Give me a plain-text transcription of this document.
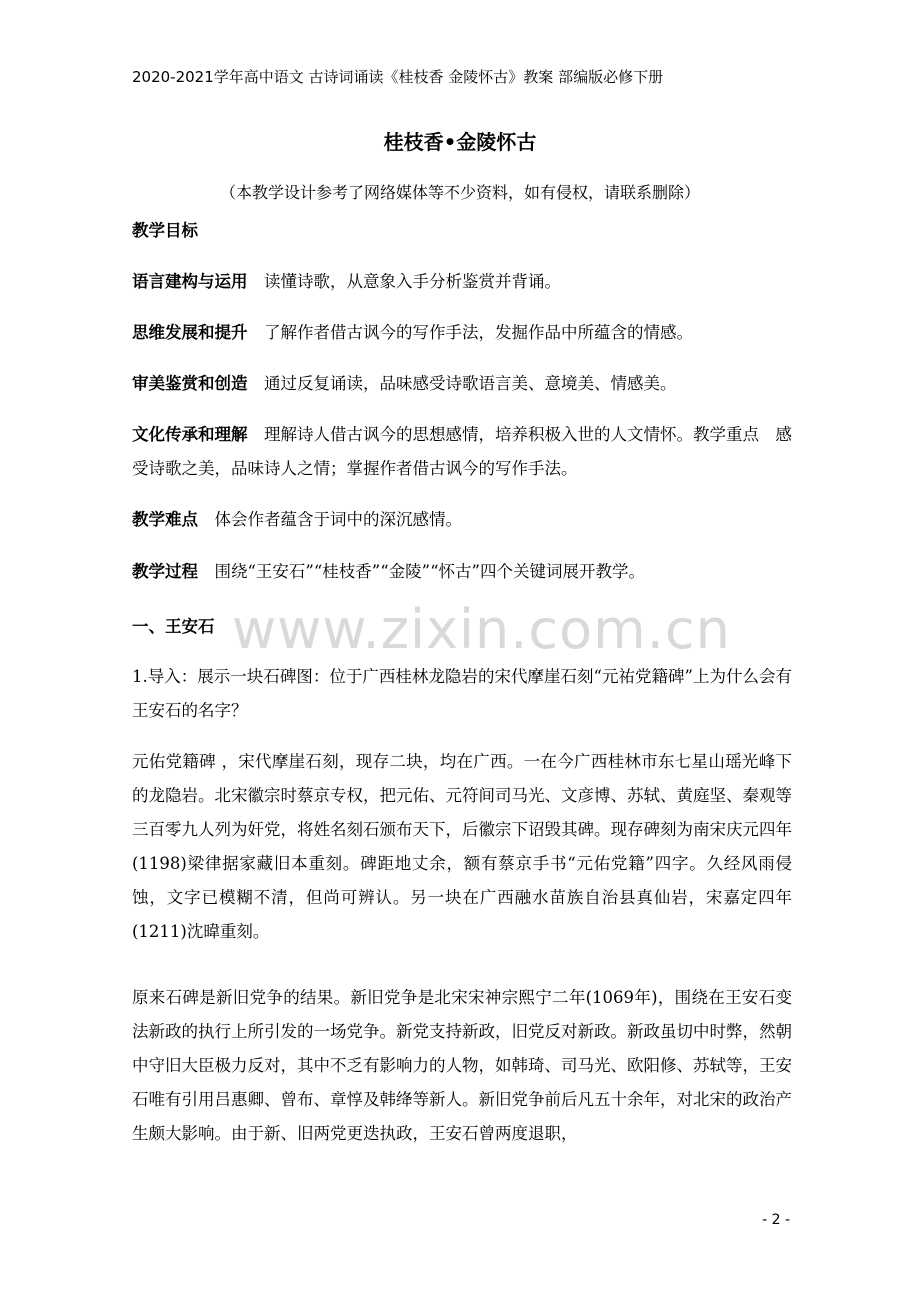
2020-2021学年高中语文 古诗词诵读《桂枝香 金陵怀古》教案 部编版必修下册
桂枝香•金陵怀古
（本教学设计参考了网络媒体等不少资料，如有侵权，请联系删除）
教学目标
语言建构与运用　 读懂诗歌，从意象入手分析鉴赏并背诵。
思维发展和提升　 了解作者借古讽今的写作手法，发掘作品中所蕴含的情感。
审美鉴赏和创造　 通过反复诵读，品味感受诗歌语言美、意境美、情感美。
文化传承和理解　 理解诗人借古讽今的思想感情，培养积极入世的人文情怀。教学重点　感受诗歌之美，品味诗人之情；掌握作者借古讽今的写作手法。
教学难点　 体会作者蕴含于词中的深沉感情。
教学过程　 围绕“王安石”“桂枝香”“金陵”“怀古”四个关键词展开教学。
www.zixin.com.cn
一、王安石
1.导入：展示一块石碑图：位于广西桂林龙隐岩的宋代摩崖石刻“元祐党籍碑”上为什么会有王安石的名字？
元佑党籍碑 ，宋代摩崖石刻，现存二块，均在广西。一在今广西桂林市东七星山瑶光峰下的龙隐岩。北宋徽宗时蔡京专权，把元佑、元符间司马光、文彦博、苏轼、黄庭坚、秦观等三百零九人列为奸党，将姓名刻石颁布天下，后徽宗下诏毁其碑。现存碑刻为南宋庆元四年(1198)梁律据家藏旧本重刻。碑距地丈余，额有蔡京手书“元佑党籍”四字。久经风雨侵蚀，文字已模糊不清，但尚可辨认。另一块在广西融水苗族自治县真仙岩，宋嘉定四年(1211)沈暐重刻。
原来石碑是新旧党争的结果。新旧党争是北宋宋神宗熙宁二年(1069年)，围绕在王安石变法新政的执行上所引发的一场党争。新党支持新政，旧党反对新政。新政虽切中时弊，然朝中守旧大臣极力反对，其中不乏有影响力的人物，如韩琦、司马光、欧阳修、苏轼等，王安石唯有引用吕惠卿、曾布、章惇及韩绛等新人。新旧党争前后凡五十余年，对北宋的政治产生颇大影响。由于新、旧两党更迭执政，王安石曾两度退职，
- 2 -
